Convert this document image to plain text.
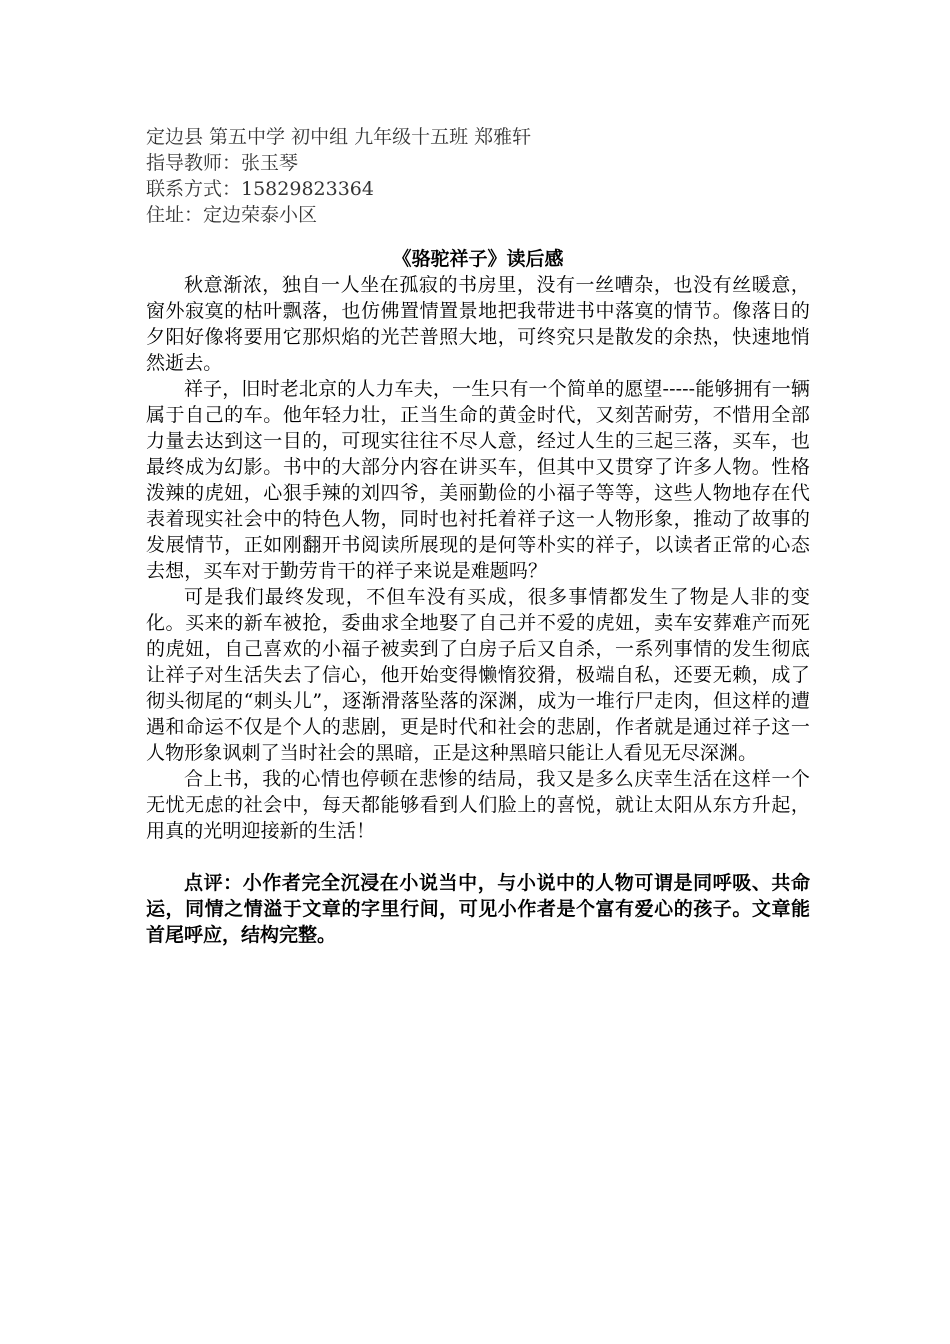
定边县 第五中学 初中组 九年级十五班 郑雅轩

指导教师：张玉琴

联系方式：15829823364

住址：定边荣泰小区

《骆驼祥子》读后感

秋意渐浓，独自一人坐在孤寂的书房里，没有一丝嘈杂，也没有丝暖意，窗外寂寞的枯叶飘落，也仿佛置情置景地把我带进书中落寞的情节。像落日的夕阳好像将要用它那炽焰的光芒普照大地，可终究只是散发的余热，快速地悄然逝去。

祥子，旧时老北京的人力车夫，一生只有一个简单的愿望-----能够拥有一辆属于自己的车。他年轻力壮，正当生命的黄金时代，又刻苦耐劳，不惜用全部力量去达到这一目的，可现实往往不尽人意，经过人生的三起三落，买车，也最终成为幻影。书中的大部分内容在讲买车，但其中又贯穿了许多人物。性格泼辣的虎妞，心狠手辣的刘四爷，美丽勤俭的小福子等等，这些人物地存在代表着现实社会中的特色人物，同时也衬托着祥子这一人物形象，推动了故事的发展情节，正如刚翻开书阅读所展现的是何等朴实的祥子，以读者正常的心态去想，买车对于勤劳肯干的祥子来说是难题吗？

可是我们最终发现，不但车没有买成，很多事情都发生了物是人非的变化。买来的新车被抢，委曲求全地娶了自己并不爱的虎妞，卖车安葬难产而死的虎妞，自己喜欢的小福子被卖到了白房子后又自杀，一系列事情的发生彻底让祥子对生活失去了信心，他开始变得懒惰狡猾，极端自私，还要无赖，成了彻头彻尾的“刺头儿”，逐渐滑落坠落的深渊，成为一堆行尸走肉，但这样的遭遇和命运不仅是个人的悲剧，更是时代和社会的悲剧，作者就是通过祥子这一人物形象讽刺了当时社会的黑暗，正是这种黑暗只能让人看见无尽深渊。

合上书，我的心情也停顿在悲惨的结局，我又是多么庆幸生活在这样一个无忧无虑的社会中，每天都能够看到人们脸上的喜悦，就让太阳从东方升起，用真的光明迎接新的生活！

点评：小作者完全沉浸在小说当中，与小说中的人物可谓是同呼吸、共命运，同情之情溢于文章的字里行间，可见小作者是个富有爱心的孩子。文章能首尾呼应，结构完整。
